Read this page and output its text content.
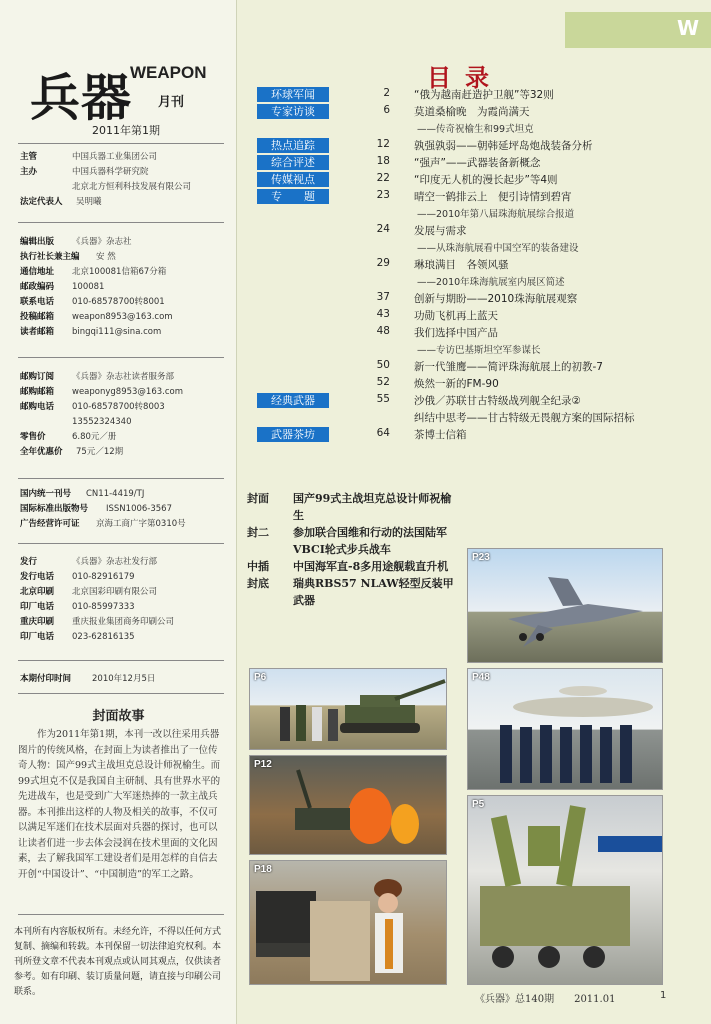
兵器
WEAPON
月刊
2011年第1期
主管	中国兵器工业集团公司
主办	中国兵器科学研究院
北京北方恒利科技发展有限公司
法定代表人	吴明曦
编辑出版	《兵器》杂志社
执行社长兼主编	安 然
通信地址	北京100081信箱67分箱
邮政编码	100081
联系电话	010-68578700转8001
投稿邮箱	weapon8953@163.com
读者邮箱	bingqi111@sina.com
邮购订阅	《兵器》杂志社读者服务部
邮购邮箱	weaponyg8953@163.com
邮购电话	010-68578700转8003
13552324340
零售价	6.80元／册
全年优惠价	75元／12期
国内统一刊号	CN11-4419/TJ
国际标准出版物号	ISSN1006-3567
广告经营许可证	京海工商广字第0310号
发行	《兵器》杂志社发行部
发行电话	010-82916179
北京印刷	北京国彩印刷有限公司
印厂电话	010-85997333
重庆印刷	重庆报业集团商务印刷公司
印厂电话	023-62816135
本期付印时间	2010年12月5日
封面故事
作为2011年第1期，本刊一改以往采用兵器图片的传统风格，在封面上为读者推出了一位传奇人物：国产99式主战坦克总设计师祝榆生。而99式坦克不仅是我国自主研制、具有世界水平的先进战车，也是受到广大军迷热捧的一款主战兵器。本刊推出这样的人物及相关的故事，不仅可以满足军迷们在技术层面对兵器的探讨，也可以让读者们进一步去体会浸润在技术里面的文化因素，去了解我国军工建设者们是用怎样的自信去开创“中国设计”、“中国制造”的军工之路。
本刊所有内容版权所有。未经允许，不得以任何方式复制、摘编和转载。本刊保留一切法律追究权利。本刊所登文章不代表本刊观点或认同其观点，仅供读者参考。如有印刷、装订质量问题，请直接与印刷公司联系。
W
目录
环球军闻	2 “俄为越南赶造护卫舰”等32则
专家访谈	6 莫道桑榆晚　为霞尚满天
——传奇祝榆生和99式坦克
热点追踪	12 孰强孰弱——朝韩延坪岛炮战装备分析
综合评述	18 “强声”——武器装备新概念
传媒视点	22 “印度无人机的漫长起步”等4则
专　　题	23 晴空一鹤排云上　便引诗情到碧宵
——2010年第八届珠海航展综合报道
24 发展与需求
——从珠海航展看中国空军的装备建设
29 琳琅满目　各领风骚
——2010年珠海航展室内展区简述
37 创新与期盼——2010珠海航展观察
43 功勋飞机再上蓝天
48 我们选择中国产品
——专访巴基斯坦空军参谋长
50 新一代雏鹰——简评珠海航展上的初教-7
52 焕然一新的FM-90
经典武器	55 沙俄／苏联甘古特级战列舰全纪录②
纠结中思考——甘古特级无畏舰方案的国际招标
武器茶坊	64 茶博士信箱
封面	国产99式主战坦克总设计师祝榆生
封二	参加联合国维和行动的法国陆军VBCI轮式步兵战车
中插	中国海军直-8多用途舰载直升机
封底	瑞典RBS57 NLAW轻型反装甲武器
P23
P6	P48
P12
P5
P18
《兵器》总140期　　2011.01	1
